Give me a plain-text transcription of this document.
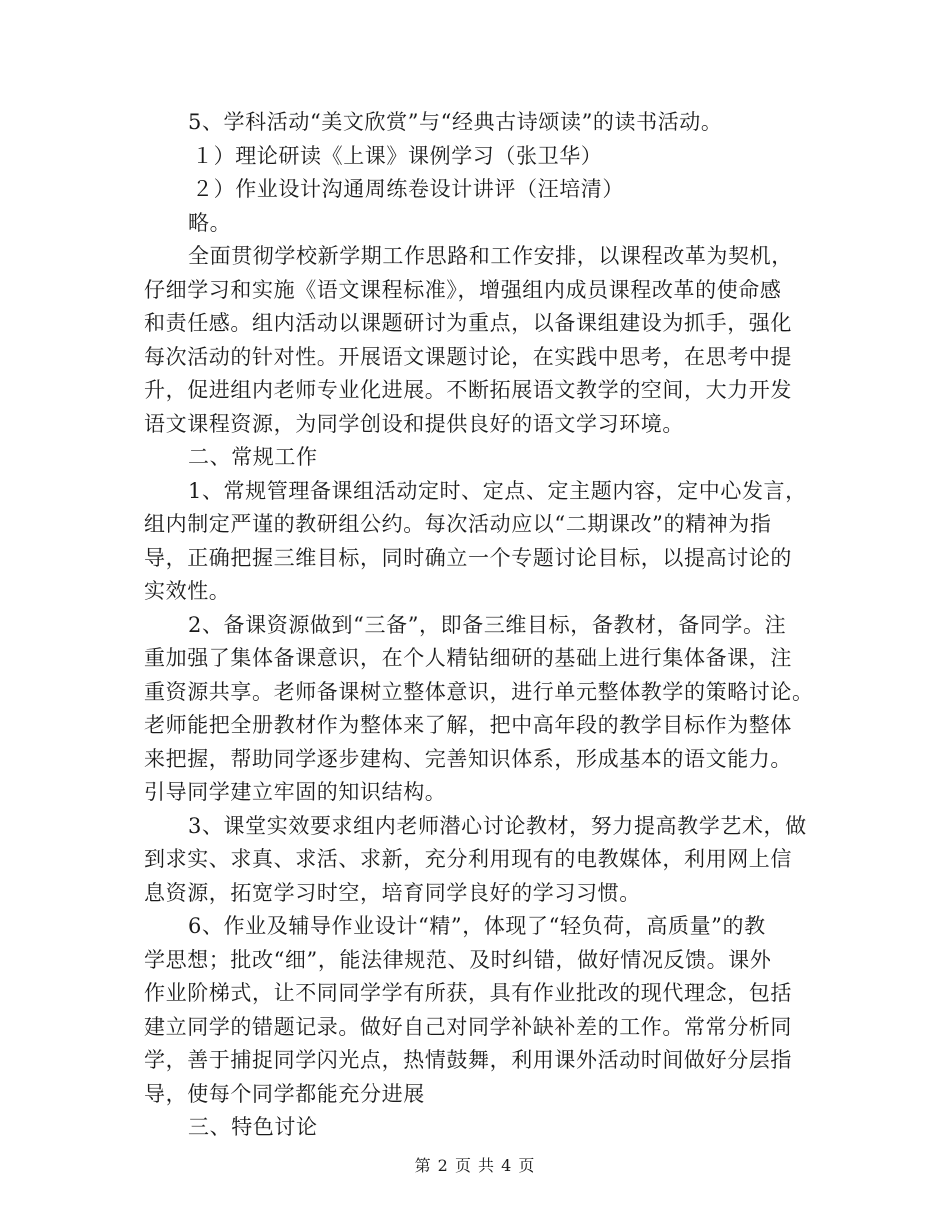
5、学科活动“美文欣赏”与“经典古诗颂读”的读书活动。
１）理论研读《上课》课例学习（张卫华）
２）作业设计沟通周练卷设计讲评（汪培清）
略。
全面贯彻学校新学期工作思路和工作安排，以课程改革为契机，
仔细学习和实施《语文课程标准》，增强组内成员课程改革的使命感
和责任感。组内活动以课题研讨为重点，以备课组建设为抓手，强化
每次活动的针对性。开展语文课题讨论，在实践中思考，在思考中提
升，促进组内老师专业化进展。不断拓展语文教学的空间，大力开发
语文课程资源，为同学创设和提供良好的语文学习环境。
二、常规工作
1、常规管理备课组活动定时、定点、定主题内容，定中心发言，
组内制定严谨的教研组公约。每次活动应以“二期课改”的精神为指
导，正确把握三维目标，同时确立一个专题讨论目标，以提高讨论的
实效性。
2、备课资源做到“三备”，即备三维目标，备教材，备同学。注
重加强了集体备课意识，在个人精钻细研的基础上进行集体备课，注
重资源共享。老师备课树立整体意识，进行单元整体教学的策略讨论。
老师能把全册教材作为整体来了解，把中高年段的教学目标作为整体
来把握，帮助同学逐步建构、完善知识体系，形成基本的语文能力。
引导同学建立牢固的知识结构。
3、课堂实效要求组内老师潜心讨论教材，努力提高教学艺术，做
到求实、求真、求活、求新，充分利用现有的电教媒体，利用网上信
息资源，拓宽学习时空，培育同学良好的学习习惯。
6、作业及辅导作业设计“精”，体现了“轻负荷，高质量”的教
学思想；批改“细”，能法律规范、及时纠错，做好情况反馈。课外
作业阶梯式，让不同同学学有所获，具有作业批改的现代理念，包括
建立同学的错题记录。做好自己对同学补缺补差的工作。常常分析同
学，善于捕捉同学闪光点，热情鼓舞，利用课外活动时间做好分层指
导，使每个同学都能充分进展
三、特色讨论
第 2 页 共 4 页
